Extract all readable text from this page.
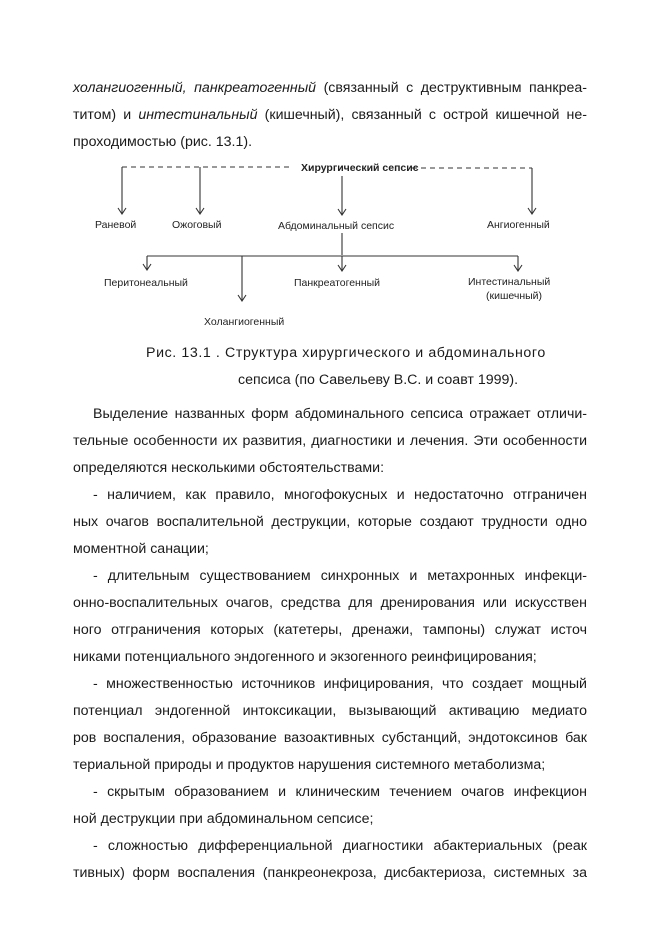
холангиогенный, панкреатогенный (связанный с деструктивным панкреа-
титом) и интестинальный (кишечный), связанный с острой кишечной не-
проходимостью (рис. 13.1).
Хирургический сепсис
Раневой	Ожоговый	Абдоминальный сепсис	Ангиогенный
Перитонеальный
Холангиогенный
Панкреатогенный	Интестинальный
(кишечный)
Рис. 13.1 . Структура хирургического и абдоминального
сепсиса (по Савельеву В.С. и соавт 1999).
Выделение названных форм абдоминального сепсиса отражает отличи-
тельные особенности их развития, диагностики и лечения. Эти особенности
определяются несколькими обстоятельствами:
- наличием, как правило, многофокусных и недостаточно отграничен
ных очагов воспалительной деструкции, которые создают трудности одно
моментной санации;
- длительным существованием синхронных и метахронных инфекци-
онно-воспалительных очагов, средства для дренирования или искусствен
ного отграничения которых (катетеры, дренажи, тампоны) служат источ
никами потенциального эндогенного и экзогенного реинфицирования;
- множественностью источников инфицирования, что создает мощный
потенциал эндогенной интоксикации, вызывающий активацию медиато
ров воспаления, образование вазоактивных субстанций, эндотоксинов бак
териальной природы и продуктов нарушения системного метаболизма;
- скрытым образованием и клиническим течением очагов инфекцион
ной деструкции при абдоминальном сепсисе;
- сложностью дифференциальной диагностики абактериальных (реак
тивных) форм воспаления (панкреонекроза, дисбактериоза, системных за
